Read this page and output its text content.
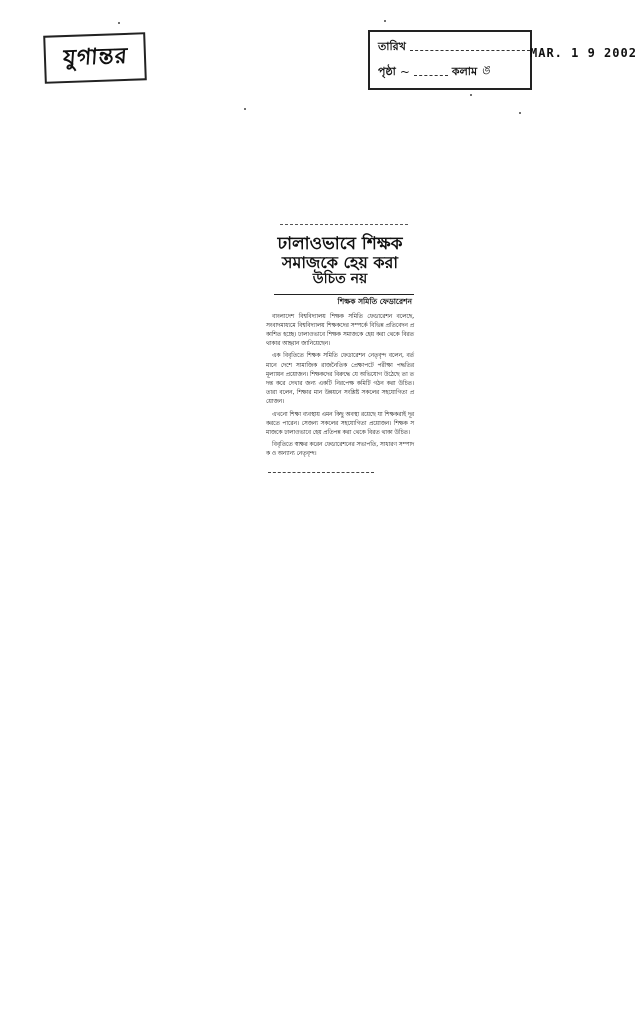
যুগান্তর	তারিখ
পৃষ্ঠা ~	কলাম ঙ
MAR. 1 9 2002
ঢালাওভাবে শিক্ষক
সমাজকে হেয় করা
উচিত নয়
শিক্ষক সমিতি ফেডারেশন

বাংলাদেশ বিশ্ববিদ্যালয় শিক্ষক সমিতি ফেডারেশন বলেছে, সংবাদমাধ্যমে বিশ্ববিদ্যালয় শিক্ষকদের সম্পর্কে বিভিন্ন প্রতিবেদন প্রকাশিত হচ্ছে। ঢালাওভাবে শিক্ষক সমাজকে হেয় করা থেকে বিরত থাকার আহ্বান জানিয়েছেন।

এক বিবৃতিতে শিক্ষক সমিতি ফেডারেশন নেতৃবৃন্দ বলেন, বর্তমানে দেশে সামাজিক রাজনৈতিক প্রেক্ষাপটে পরীক্ষা পদ্ধতির মূল্যায়ন প্রয়োজন। শিক্ষকদের বিরুদ্ধে যে অভিযোগ উঠেছে তা তদন্ত করে দেখার জন্য একটি নিরপেক্ষ কমিটি গঠন করা উচিত। তারা বলেন, শিক্ষার মান উন্নয়নে সংশ্লিষ্ট সকলের সহযোগিতা প্রয়োজন।

এখনো শিক্ষা ব্যবস্থায় এমন কিছু অবস্থা রয়েছে যা শিক্ষকরাই দূর করতে পারেন। সেজন্য সকলের সহযোগিতা প্রয়োজন। শিক্ষক সমাজকে ঢালাওভাবে হেয় প্রতিপন্ন করা থেকে বিরত থাকা উচিত।

বিবৃতিতে স্বাক্ষর করেন ফেডারেশনের সভাপতি, সাধারণ সম্পাদক ও অন্যান্য নেতৃবৃন্দ।
